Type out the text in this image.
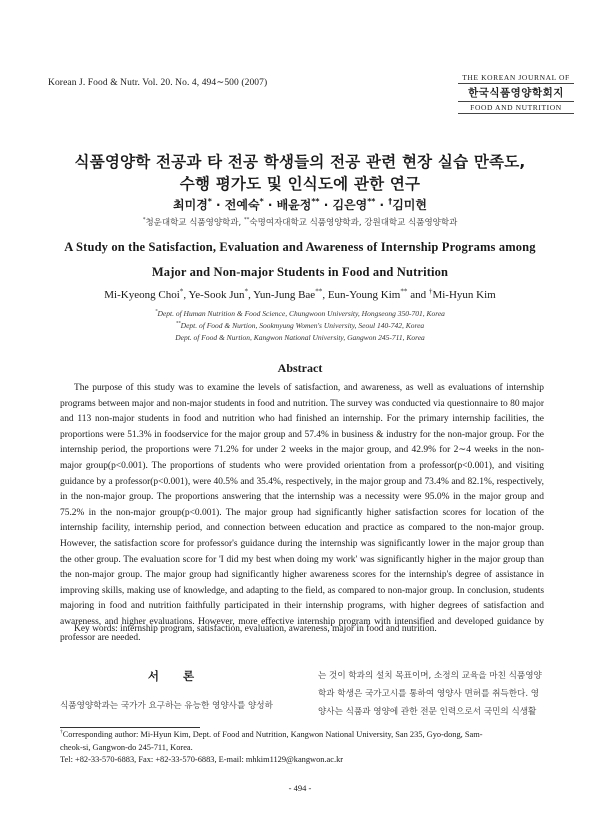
Korean J. Food & Nutr. Vol. 20. No. 4, 494∼500 (2007)
THE KOREAN JOURNAL OF
한국식품영양학회지
FOOD AND NUTRITION
식품영양학 전공과 타 전공 학생들의 전공 관련 현장 실습 만족도,
수행 평가도 및 인식도에 관한 연구
최미경* · 전예숙* · 배윤정** · 김은영** · †김미현
*청운대학교 식품영양학과, **숙명여자대학교 식품영양학과, 강원대학교 식품영양학과
A Study on the Satisfaction, Evaluation and Awareness of Internship Programs among
Major and Non-major Students in Food and Nutrition
Mi-Kyeong Choi*, Ye-Sook Jun*, Yun-Jung Bae**, Eun-Young Kim** and †Mi-Hyun Kim
*Dept. of Human Nutrition & Food Science, Chungwoon University, Hongseong 350-701, Korea
**Dept. of Food & Nurtion, Sookmyung Women's University, Seoul 140-742, Korea
Dept. of Food & Nurtion, Kangwon National University, Gangwon 245-711, Korea
Abstract

The purpose of this study was to examine the levels of satisfaction, and awareness, as well as evaluations of internship programs between major and non-major students in food and nutrition. The survey was conducted via questionnaire to 80 major and 113 non-major students in food and nutrition who had finished an internship. For the primary internship facilities, the proportions were 51.3% in foodservice for the major group and 57.4% in business & industry for the non-major group. For the internship period, the proportions were 71.2% for under 2 weeks in the major group, and 42.9% for 2∼4 weeks in the non-major group(p<0.001). The proportions of students who were provided orientation from a professor(p<0.001), and visiting guidance by a professor(p<0.001), were 40.5% and 35.4%, respectively, in the major group and 73.4% and 82.1%, respectively, in the non-major group. The proportions answering that the internship was a necessity were 95.0% in the major group and 75.2% in the non-major group(p<0.001). The major group had significantly higher satisfaction scores for location of the internship facility, internship period, and connection between education and practice as compared to the non-major group. However, the satisfaction score for professor's guidance during the internship was significantly lower in the major group than the other group. The evaluation score for 'I did my best when doing my work' was significantly higher in the major group than the non-major group. The major group had significantly higher awareness scores for the internship's degree of assistance in improving skills, making use of knowledge, and adapting to the field, as compared to non-major group. In conclusion, students majoring in food and nutrition faithfully participated in their internship programs, with higher degrees of satisfaction and awareness, and higher evaluations. However, more effective internship program with intensified and developed guidance by professor are needed.

Key words: internship program, satisfaction, evaluation, awareness, major in food and nutrition.
서 론
식품영양학과는 국가가 요구하는 유능한 영양사를 양성하
는 것이 학과의 설치 목표이며, 소정의 교육을 마친 식품영양
학과 학생은 국가고시를 통하여 영양사 면허를 취득한다. 영
양사는 식품과 영양에 관한 전문 인력으로서 국민의 식생활
†Corresponding author: Mi-Hyun Kim, Dept. of Food and Nutrition, Kangwon National University, San 235, Gyo-dong, Sam-
cheok-si, Gangwon-do 245-711, Korea.
Tel: +82-33-570-6883, Fax: +82-33-570-6883, E-mail: mhkim1129@kangwon.ac.kr
- 494 -
